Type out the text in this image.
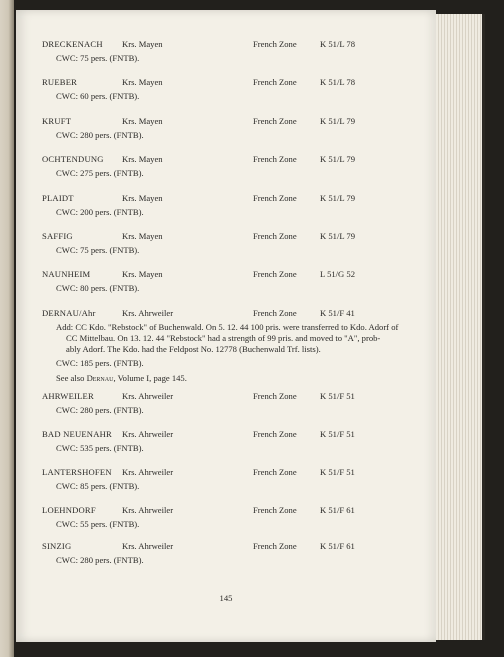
DRECKENACH Krs. Mayen	French Zone	K 51/L 78
CWC: 75 pers. (FNTB).
RUEBER	Krs. Mayen	French Zone	K 51/L 78
CWC: 60 pers. (FNTB).
KRUFT	Krs. Mayen	French Zone	K 51/L 79
CWC: 280 pers. (FNTB).
OCHTENDUNG Krs. Mayen	French Zone	K 51/L 79
CWC: 275 pers. (FNTB).
PLAIDT	Krs. Mayen	French Zone	K 51/L 79
CWC: 200 pers. (FNTB).
SAFFIG	Krs. Mayen	French Zone	K 51/L 79
CWC: 75 pers. (FNTB).
NAUNHEIM	Krs. Mayen	French Zone	L 51/G 52
CWC: 80 pers. (FNTB).
DERNAU/Ahr	Krs. Ahrweiler	French Zone	K 51/F 41
Add: CC Kdo. "Rebstock" of Buchenwald. On 5. 12. 44 100 pris. were transferred to Kdo. Adorf of
CC Mittelbau. On 13. 12. 44 "Rebstock" had a strength of 99 pris. and moved to "A", prob-
ably Adorf. The Kdo. had the Feldpost No. 12778 (Buchenwald Trf. lists).
CWC: 185 pers. (FNTB).
See also Dernau, Volume I, page 145.
AHRWEILER	Krs. Ahrweiler	French Zone	K 51/F 51
CWC: 280 pers. (FNTB).
BAD NEUENAHR Krs. Ahrweiler	French Zone	K 51/F 51
CWC: 535 pers. (FNTB).
LANTERSHOFEN Krs. Ahrweiler	French Zone	K 51/F 51
CWC: 85 pers. (FNTB).
LOEHNDORF	Krs. Ahrweiler	French Zone	K 51/F 61
CWC: 55 pers. (FNTB).
SINZIG	Krs. Ahrweiler	French Zone	K 51/F 61
CWC: 280 pers. (FNTB).
145
